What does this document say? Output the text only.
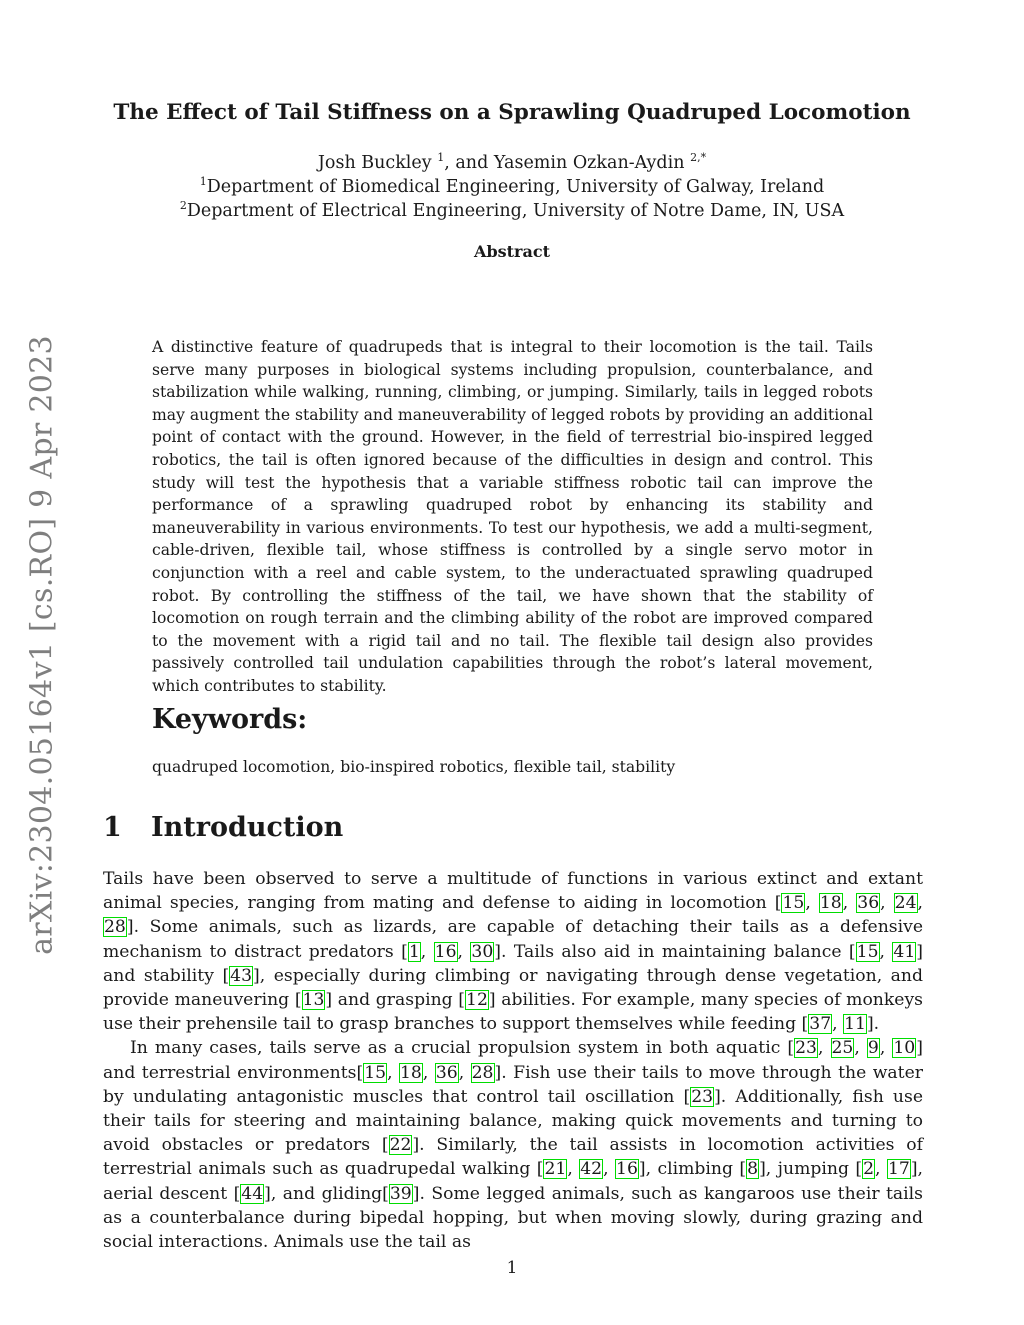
arXiv:2304.05164v1 [cs.RO] 9 Apr 2023
The Effect of Tail Stiffness on a Sprawling Quadruped Locomotion
Josh Buckley $^1$, and Yasemin Ozkan-Aydin $^{2,*}$
$^1$Department of Biomedical Engineering, University of Galway, Ireland
$^2$Department of Electrical Engineering, University of Notre Dame, IN, USA
Abstract
A distinctive feature of quadrupeds that is integral to their locomotion is the tail. Tails serve many purposes in biological systems including propulsion, counterbalance, and stabilization while walking, running, climbing, or jumping. Similarly, tails in legged robots may augment the stability and maneuverability of legged robots by providing an additional point of contact with the ground. However, in the field of terrestrial bio-inspired legged robotics, the tail is often ignored because of the difficulties in design and control. This study will test the hypothesis that a variable stiffness robotic tail can improve the performance of a sprawling quadruped robot by enhancing its stability and maneuverability in various environments. To test our hypothesis, we add a multi-segment, cable-driven, flexible tail, whose stiffness is controlled by a single servo motor in conjunction with a reel and cable system, to the underactuated sprawling quadruped robot. By controlling the stiffness of the tail, we have shown that the stability of locomotion on rough terrain and the climbing ability of the robot are improved compared to the movement with a rigid tail and no tail. The flexible tail design also provides passively controlled tail undulation capabilities through the robot’s lateral movement, which contributes to stability.
Keywords:
quadruped locomotion, bio-inspired robotics, flexible tail, stability
1 Introduction

Tails have been observed to serve a multitude of functions in various extinct and extant animal species, ranging from mating and defense to aiding in locomotion [15, 18, 36, 24, 28]. Some animals, such as lizards, are capable of detaching their tails as a defensive mechanism to distract predators [1, 16, 30]. Tails also aid in maintaining balance [15, 41] and stability [43], especially during climbing or navigating through dense vegetation, and provide maneuvering [13] and grasping [12] abilities. For example, many species of monkeys use their prehensile tail to grasp branches to support themselves while feeding [37, 11].

In many cases, tails serve as a crucial propulsion system in both aquatic [23, 25, 9, 10] and terrestrial environments[15, 18, 36, 28]. Fish use their tails to move through the water by undulating antagonistic muscles that control tail oscillation [23]. Additionally, fish use their tails for steering and maintaining balance, making quick movements and turning to avoid obstacles or predators [22]. Similarly, the tail assists in locomotion activities of terrestrial animals such as quadrupedal walking [21, 42, 16], climbing [8], jumping [2, 17], aerial descent [44], and gliding[39]. Some legged animals, such as kangaroos use their tails as a counterbalance during bipedal hopping, but when moving slowly, during grazing and social interactions. Animals use the tail as

1
